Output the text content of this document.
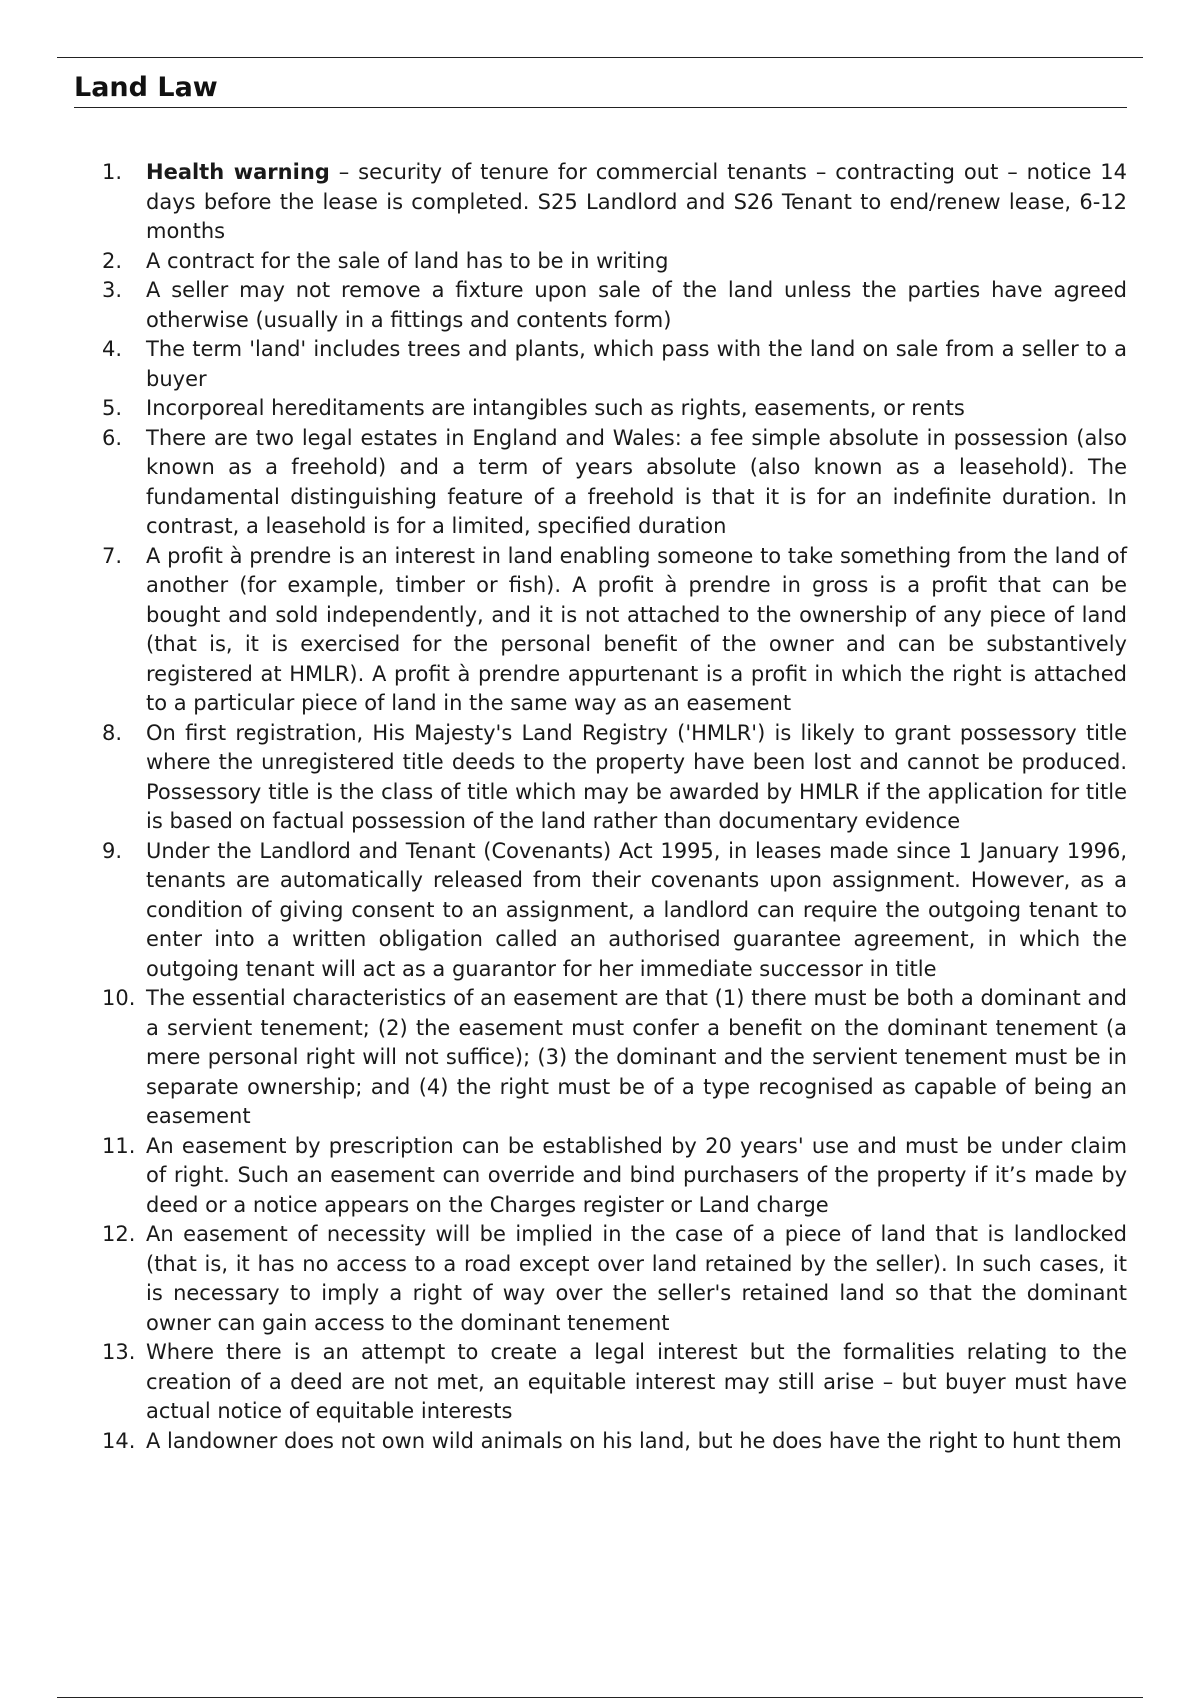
Land Law
1.	Health warning – security of tenure for commercial tenants – contracting out – notice 14 days before the lease is completed. S25 Landlord and S26 Tenant to end/renew lease, 6-12 months
2.	A contract for the sale of land has to be in writing
3.	A seller may not remove a fixture upon sale of the land unless the parties have agreed otherwise (usually in a fittings and contents form)
4.	The term 'land' includes trees and plants, which pass with the land on sale from a seller to a buyer
5.	Incorporeal hereditaments are intangibles such as rights, easements, or rents
6.	There are two legal estates in England and Wales: a fee simple absolute in possession (also known as a freehold) and a term of years absolute (also known as a leasehold). The fundamental distinguishing feature of a freehold is that it is for an indefinite duration. In contrast, a leasehold is for a limited, specified duration
7.	A profit à prendre is an interest in land enabling someone to take something from the land of another (for example, timber or fish). A profit à prendre in gross is a profit that can be bought and sold independently, and it is not attached to the ownership of any piece of land (that is, it is exercised for the personal benefit of the owner and can be substantively registered at HMLR). A profit à prendre appurtenant is a profit in which the right is attached to a particular piece of land in the same way as an easement
8.	On first registration, His Majesty's Land Registry ('HMLR') is likely to grant possessory title where the unregistered title deeds to the property have been lost and cannot be produced. Possessory title is the class of title which may be awarded by HMLR if the application for title is based on factual possession of the land rather than documentary evidence
9.	Under the Landlord and Tenant (Covenants) Act 1995, in leases made since 1 January 1996, tenants are automatically released from their covenants upon assignment. However, as a condition of giving consent to an assignment, a landlord can require the outgoing tenant to enter into a written obligation called an authorised guarantee agreement, in which the outgoing tenant will act as a guarantor for her immediate successor in title
10. The essential characteristics of an easement are that (1) there must be both a dominant and a servient tenement; (2) the easement must confer a benefit on the dominant tenement (a mere personal right will not suffice); (3) the dominant and the servient tenement must be in separate ownership; and (4) the right must be of a type recognised as capable of being an easement
11. An easement by prescription can be established by 20 years' use and must be under claim of right. Such an easement can override and bind purchasers of the property if it’s made by deed or a notice appears on the Charges register or Land charge
12. An easement of necessity will be implied in the case of a piece of land that is landlocked (that is, it has no access to a road except over land retained by the seller). In such cases, it is necessary to imply a right of way over the seller's retained land so that the dominant owner can gain access to the dominant tenement
13. Where there is an attempt to create a legal interest but the formalities relating to the creation of a deed are not met, an equitable interest may still arise – but buyer must have actual notice of equitable interests
14. A landowner does not own wild animals on his land, but he does have the right to hunt them
